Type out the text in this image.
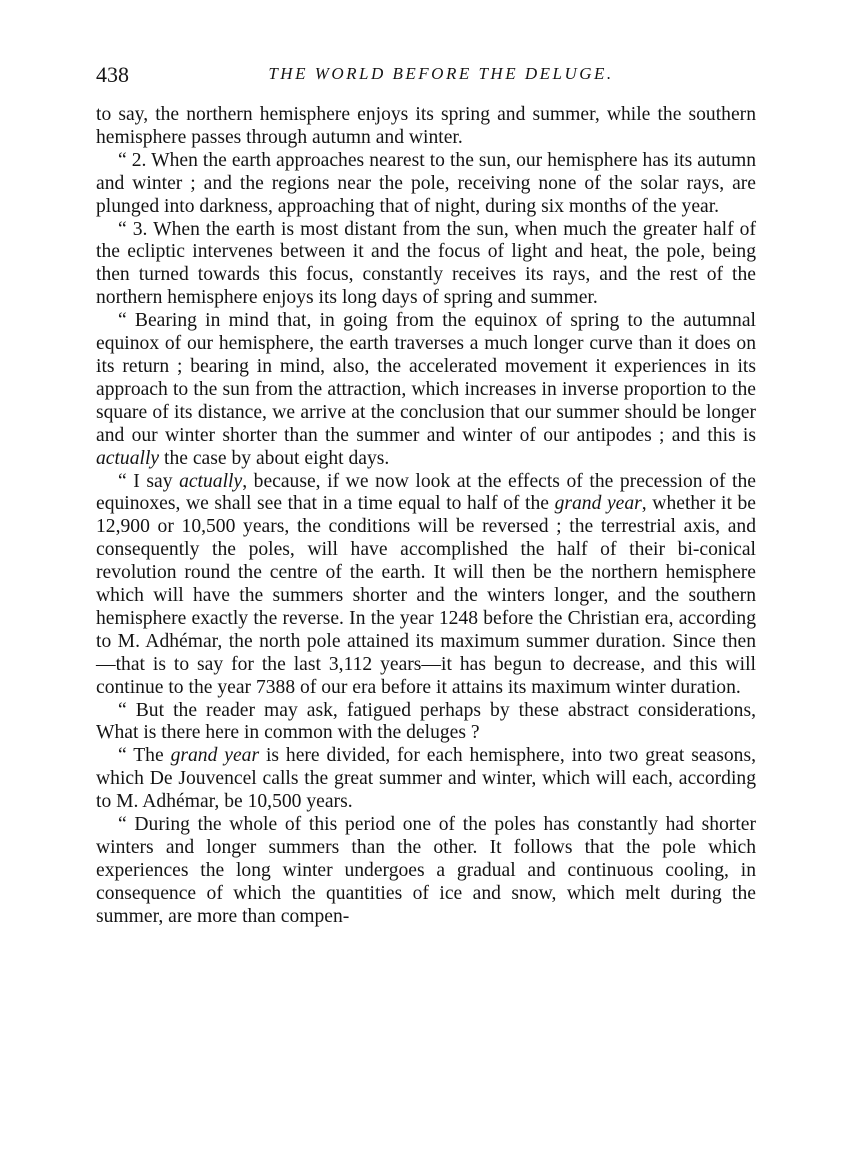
438	THE WORLD BEFORE THE DELUGE.

to say, the northern hemisphere enjoys its spring and summer, while the southern hemisphere passes through autumn and winter.

“ 2. When the earth approaches nearest to the sun, our hemisphere has its autumn and winter ; and the regions near the pole, receiving none of the solar rays, are plunged into darkness, approaching that of night, during six months of the year.

“ 3. When the earth is most distant from the sun, when much the greater half of the ecliptic intervenes between it and the focus of light and heat, the pole, being then turned towards this focus, constantly receives its rays, and the rest of the northern hemisphere enjoys its long days of spring and summer.

“ Bearing in mind that, in going from the equinox of spring to the autumnal equinox of our hemisphere, the earth traverses a much longer curve than it does on its return ; bearing in mind, also, the accelerated movement it experiences in its approach to the sun from the attraction, which increases in inverse proportion to the square of its distance, we arrive at the conclusion that our summer should be longer and our winter shorter than the summer and winter of our antipodes ; and this is actually the case by about eight days.

“ I say actually, because, if we now look at the effects of the precession of the equinoxes, we shall see that in a time equal to half of the grand year, whether it be 12,900 or 10,500 years, the conditions will be reversed ; the terrestrial axis, and consequently the poles, will have accomplished the half of their bi-conical revolution round the centre of the earth. It will then be the northern hemisphere which will have the summers shorter and the winters longer, and the southern hemisphere exactly the reverse. In the year 1248 before the Christian era, according to M. Adhémar, the north pole attained its maximum summer duration. Since then—that is to say for the last 3,112 years—it has begun to decrease, and this will continue to the year 7388 of our era before it attains its maximum winter duration.

“ But the reader may ask, fatigued perhaps by these abstract considerations, What is there here in common with the deluges ?

“ The grand year is here divided, for each hemisphere, into two great seasons, which De Jouvencel calls the great summer and winter, which will each, according to M. Adhémar, be 10,500 years.

“ During the whole of this period one of the poles has constantly had shorter winters and longer summers than the other. It follows that the pole which experiences the long winter undergoes a gradual and continuous cooling, in consequence of which the quantities of ice and snow, which melt during the summer, are more than compen-
